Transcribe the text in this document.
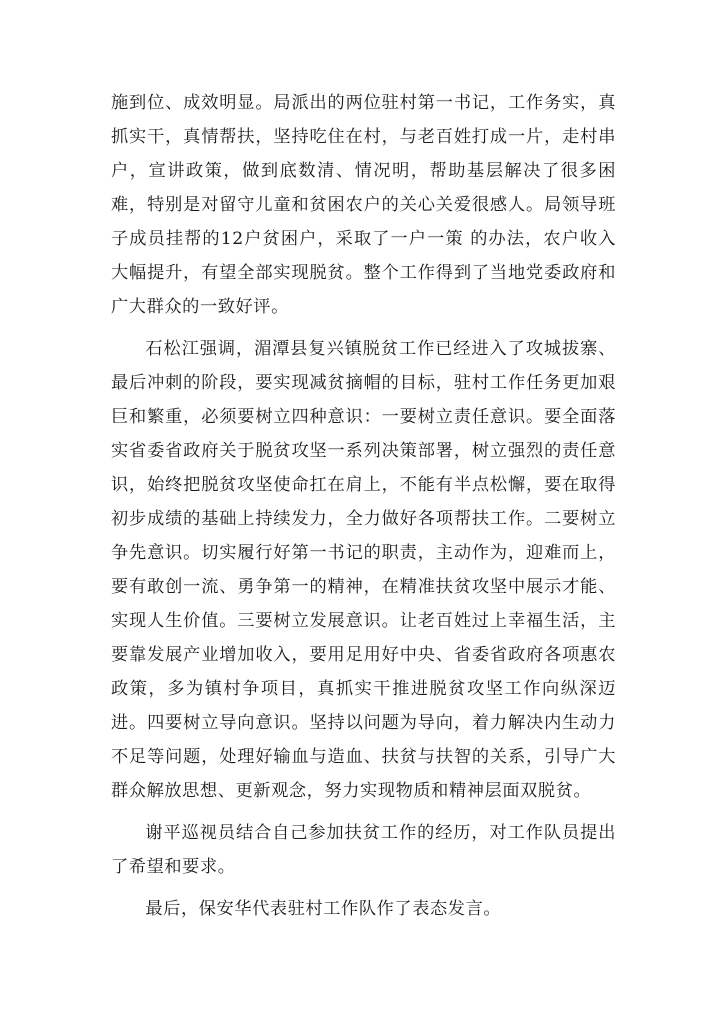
施到位、成效明显。局派出的两位驻村第一书记，工作务实，真抓实干，真情帮扶，坚持吃住在村，与老百姓打成一片，走村串户，宣讲政策，做到底数清、情况明，帮助基层解决了很多困难，特别是对留守儿童和贫困农户的关心关爱很感人。局领导班子成员挂帮的12户贫困户，采取了一户一策 的办法，农户收入大幅提升，有望全部实现脱贫。整个工作得到了当地党委政府和广大群众的一致好评。

石松江强调，湄潭县复兴镇脱贫工作已经进入了攻城拔寨、最后冲刺的阶段，要实现减贫摘帽的目标，驻村工作任务更加艰巨和繁重，必须要树立四种意识：一要树立责任意识。要全面落实省委省政府关于脱贫攻坚一系列决策部署，树立强烈的责任意识，始终把脱贫攻坚使命扛在肩上，不能有半点松懈，要在取得初步成绩的基础上持续发力，全力做好各项帮扶工作。二要树立争先意识。切实履行好第一书记的职责，主动作为，迎难而上，要有敢创一流、勇争第一的精神，在精准扶贫攻坚中展示才能、实现人生价值。三要树立发展意识。让老百姓过上幸福生活，主要靠发展产业增加收入，要用足用好中央、省委省政府各项惠农政策，多为镇村争项目，真抓实干推进脱贫攻坚工作向纵深迈进。四要树立导向意识。坚持以问题为导向，着力解决内生动力不足等问题，处理好输血与造血、扶贫与扶智的关系，引导广大群众解放思想、更新观念，努力实现物质和精神层面双脱贫。

谢平巡视员结合自己参加扶贫工作的经历，对工作队员提出了希望和要求。

最后，保安华代表驻村工作队作了表态发言。
